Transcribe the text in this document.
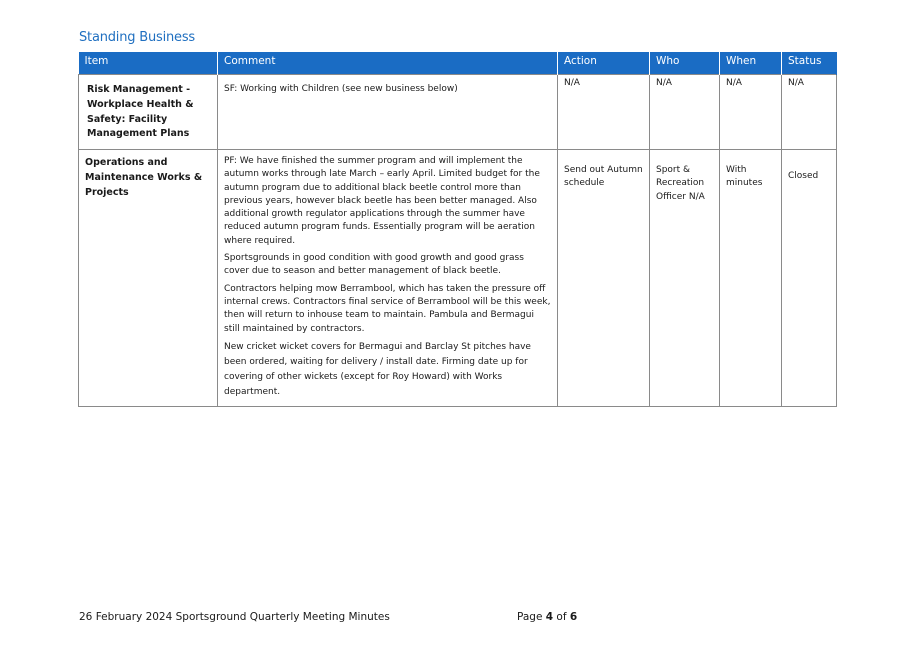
Standing Business
Item	Comment	Action	Who	When	Status

Risk Management - Workplace Health & Safety: Facility Management Plans	SF: Working with Children (see new business below)	N/A	N/A	N/A	N/A

Operations and Maintenance Works & Projects	PF: We have finished the summer program and will implement the autumn works through late March – early April. Limited budget for the autumn program due to additional black beetle control more than previous years, however black beetle has been better managed. Also additional growth regulator applications through the summer have reduced autumn program funds. Essentially program will be aeration where required.
Sportsgrounds in good condition with good growth and good grass cover due to season and better management of black beetle.
Contractors helping mow Berrambool, which has taken the pressure off internal crews. Contractors final service of Berrambool will be this week, then will return to inhouse team to maintain. Pambula and Bermagui still maintained by contractors.
New cricket wicket covers for Bermagui and Barclay St pitches have been ordered, waiting for delivery / install date. Firming date up for covering of other wickets (except for Roy Howard) with Works department.	Send out Autumn schedule	Sport & Recreation Officer N/A	With minutes	Closed
26 February 2024 Sportsground Quarterly Meeting Minutes	Page 4 of 6
